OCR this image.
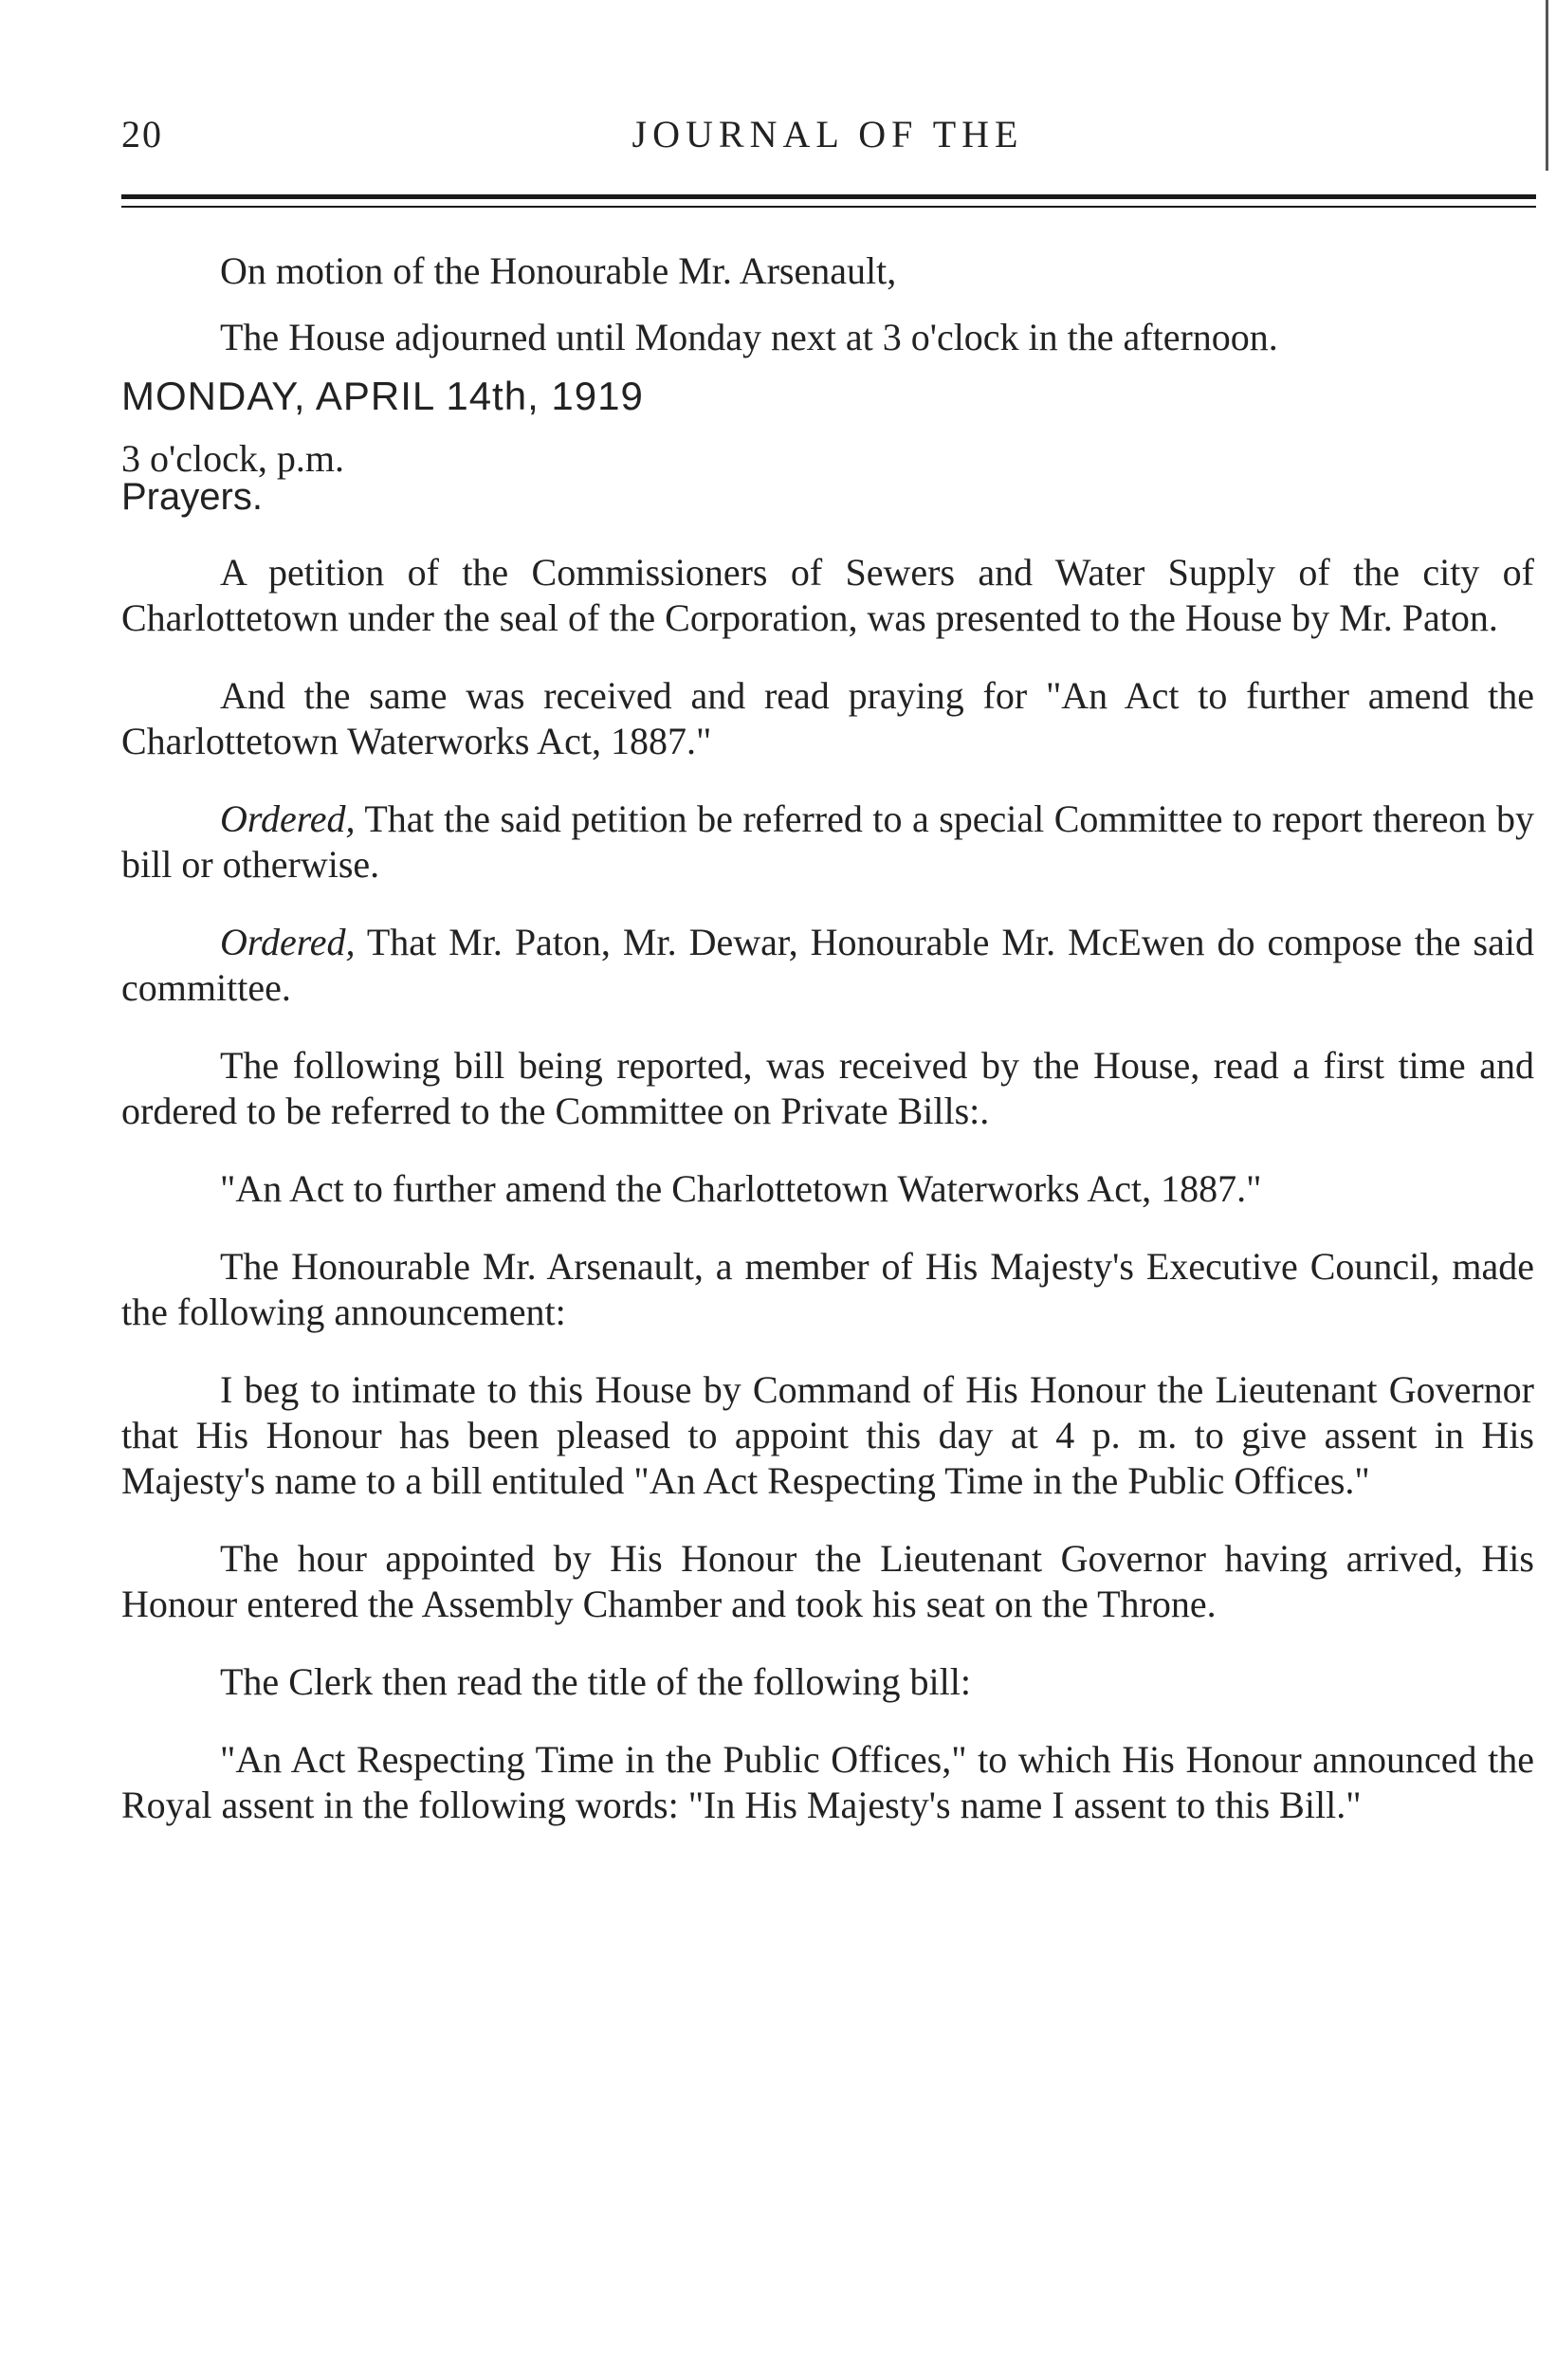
20	JOURNAL OF THE

On motion of the Honourable Mr. Arsenault,

The House adjourned until Monday next at 3 o'clock in the afternoon.

MONDAY, APRIL 14th, 1919

3 o'clock, p.m.

Prayers.

A petition of the Commissioners of Sewers and Water Supply of the city of Charlottetown under the seal of the Corporation, was presented to the House by Mr. Paton.

And the same was received and read praying for "An Act to further amend the Charlottetown Waterworks Act, 1887."

Ordered, That the said petition be referred to a special Committee to report thereon by bill or otherwise.

Ordered, That Mr. Paton, Mr. Dewar, Honourable Mr. McEwen do compose the said committee.

The following bill being reported, was received by the House, read a first time and ordered to be referred to the Committee on Private Bills:.

"An Act to further amend the Charlottetown Waterworks Act, 1887."

The Honourable Mr. Arsenault, a member of His Majesty's Executive Council, made the following announcement:

I beg to intimate to this House by Command of His Honour the Lieutenant Governor that His Honour has been pleased to appoint this day at 4 p. m. to give assent in His Majesty's name to a bill entituled "An Act Respecting Time in the Public Offices."

The hour appointed by His Honour the Lieutenant Governor having arrived, His Honour entered the Assembly Chamber and took his seat on the Throne.

The Clerk then read the title of the following bill:

"An Act Respecting Time in the Public Offices," to which His Honour announced the Royal assent in the following words: "In His Majesty's name I assent to this Bill."
